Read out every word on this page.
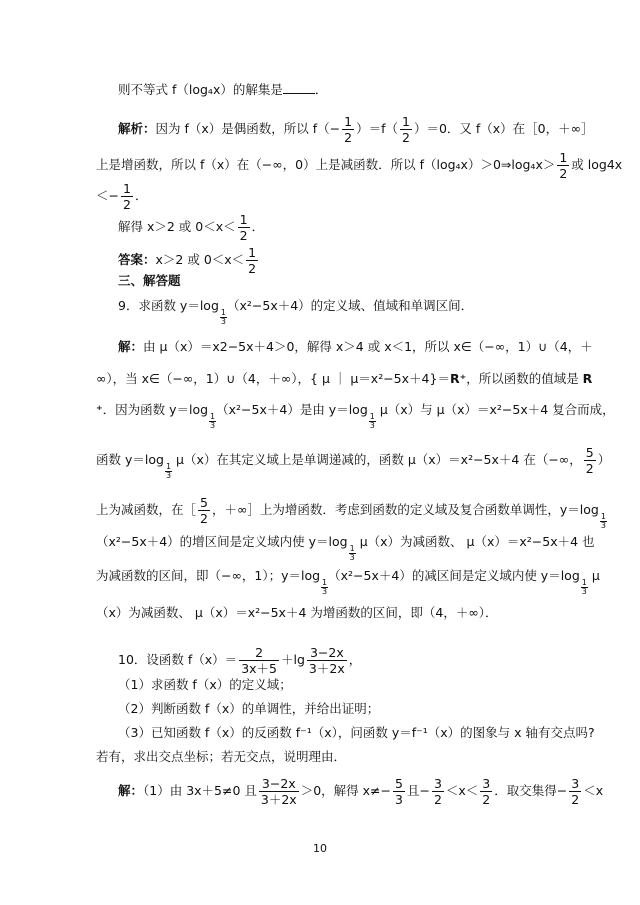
则不等式 f（log₄x）的解集是	．
解析：因为 f（x）是偶函数，所以 $f(- \frac{1}{2} )=f( \frac{1}{2} )=0$．又 f（x）在［0，＋∞］
上是增函数，所以 f（x）在（−∞，0）上是减函数．所以 f（log₄x）＞0⇒log₄x＞ $\frac{1}{2}$ 或 log4x
＜− $\frac{1}{2}$ ．
解得 x＞2 或 $0<x< \frac{1}{2}$ ．
答案：x＞2 或 $0<x< \frac{1}{2}$
三、解答题
9．求函数 y＝log
$\frac{1}{3}$
（x²−5x＋4）的定义域、值域和单调区间．
解：由 μ（x）＝x2−5x＋4＞0，解得 x＞4 或 x＜1，所以 x∈（−∞，1）∪（4，＋
∞），当 x∈（−∞，1）∪（4，＋∞），{ μ ｜ μ＝x²−5x＋4}＝R⁺，所以函数的值域是 R
⁺．因为函数 y＝log
$\frac{1}{3}$
（x²−5x＋4）是由 y＝log
$\frac{1}{3}$
μ（x）与 μ（x）＝x²−5x＋4 复合而成，
函数 y＝log
$\frac{1}{3}$
μ（x）在其定义域上是单调递减的，函数 μ（x）＝x²−5x＋4 在（−∞， $\frac{5}{2}$ ）
上为减函数，在［ $\frac{5}{2}$ ，＋∞］上为增函数．考虑到函数的定义域及复合函数单调性，y＝log
$\frac{1}{3}$
（x²−5x＋4）的增区间是定义域内使 y＝log
$\frac{1}{3}$
μ（x）为减函数、 μ（x）＝x²−5x＋4 也
为减函数的区间，即（−∞，1）；y＝log
$\frac{1}{3}$
（x²−5x＋4）的减区间是定义域内使 y＝log
$\frac{1}{3}$
μ
（x）为减函数、 μ（x）＝x²−5x＋4 为增函数的区间，即（4，＋∞）．
10．设函数 $f(x)= \frac{2}{3x+5} +\lg \frac{3-2x}{3+2x}$ ，
（1）求函数 f（x）的定义域；
（2）判断函数 f（x）的单调性，并给出证明；
（3）已知函数 f（x）的反函数 f⁻¹（x），问函数 y＝f⁻¹（x）的图象与 x 轴有交点吗?
若有，求出交点坐标；若无交点，说明理由．
解：（1）由 3x＋5≠0 且 $\frac{3-2x}{3+2x} >0$，解得 $x\ne- \frac{5}{3}$ 且− $\frac{3}{2} <x< \frac{3}{2}$ ．取交集得− $\frac{3}{2} <x$
10
